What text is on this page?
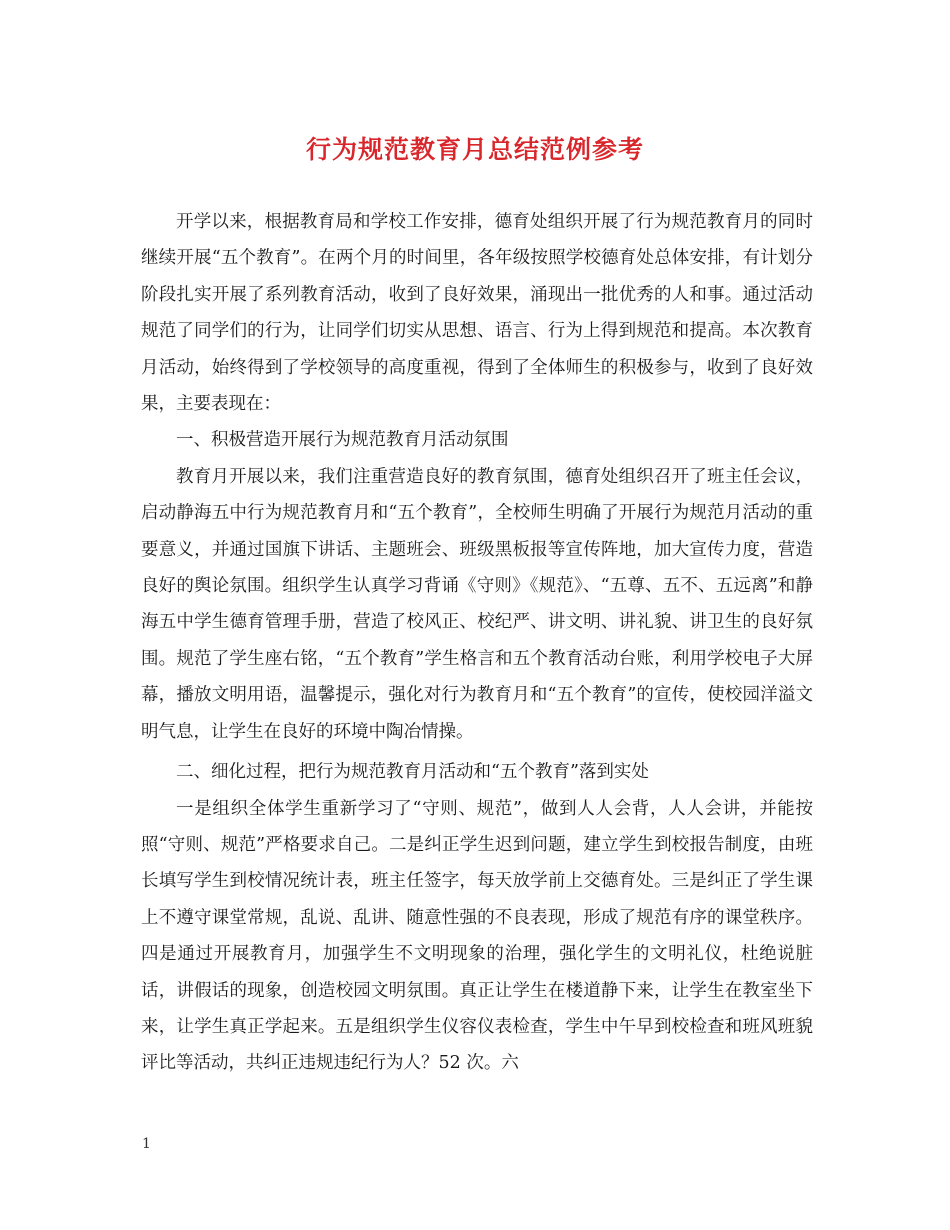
行为规范教育月总结范例参考

开学以来，根据教育局和学校工作安排，德育处组织开展了行为规范教育月的同时继续开展“五个教育”。在两个月的时间里，各年级按照学校德育处总体安排，有计划分阶段扎实开展了系列教育活动，收到了良好效果，涌现出一批优秀的人和事。通过活动规范了同学们的行为，让同学们切实从思想、语言、行为上得到规范和提高。本次教育月活动，始终得到了学校领导的高度重视，得到了全体师生的积极参与，收到了良好效果，主要表现在：

一、积极营造开展行为规范教育月活动氛围

教育月开展以来，我们注重营造良好的教育氛围，德育处组织召开了班主任会议，启动静海五中行为规范教育月和“五个教育”，全校师生明确了开展行为规范月活动的重要意义，并通过国旗下讲话、主题班会、班级黑板报等宣传阵地，加大宣传力度，营造良好的舆论氛围。组织学生认真学习背诵《守则》《规范》、“五尊、五不、五远离”和静海五中学生德育管理手册，营造了校风正、校纪严、讲文明、讲礼貌、讲卫生的良好氛围。规范了学生座右铭，“五个教育”学生格言和五个教育活动台账，利用学校电子大屏幕，播放文明用语，温馨提示，强化对行为教育月和“五个教育”的宣传，使校园洋溢文明气息，让学生在良好的环境中陶冶情操。

二、细化过程，把行为规范教育月活动和“五个教育”落到实处

一是组织全体学生重新学习了“守则、规范”，做到人人会背，人人会讲，并能按照“守则、规范”严格要求自己。二是纠正学生迟到问题，建立学生到校报告制度，由班长填写学生到校情况统计表，班主任签字，每天放学前上交德育处。三是纠正了学生课上不遵守课堂常规，乱说、乱讲、随意性强的不良表现，形成了规范有序的课堂秩序。四是通过开展教育月，加强学生不文明现象的治理，强化学生的文明礼仪，杜绝说脏话，讲假话的现象，创造校园文明氛围。真正让学生在楼道静下来，让学生在教室坐下来，让学生真正学起来。五是组织学生仪容仪表检查，学生中午早到校检查和班风班貌评比等活动，共纠正违规违纪行为人？52 次。六

1
